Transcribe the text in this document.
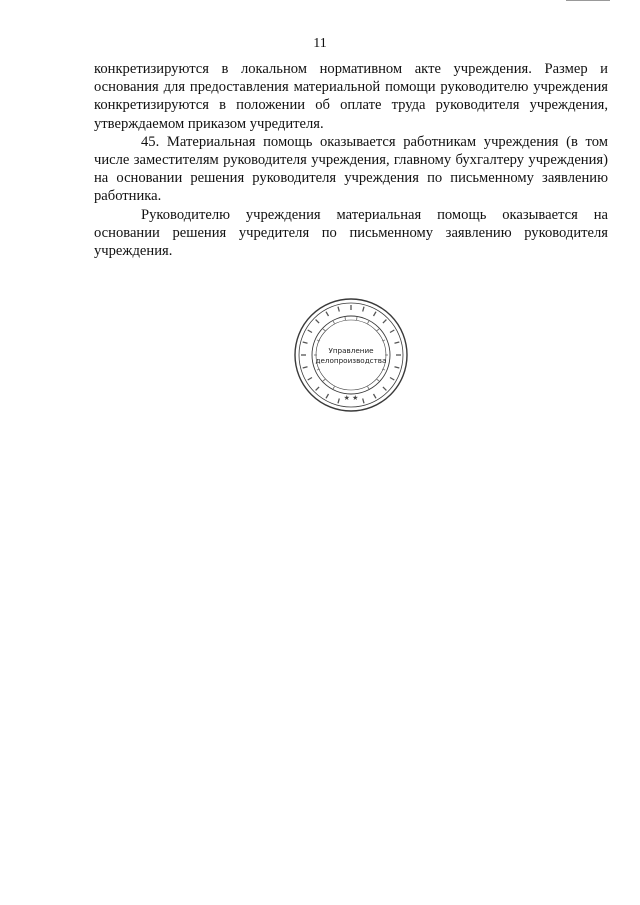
11

конкретизируются в локальном нормативном акте учреждения. Размер и основания для предоставления материальной помощи руководителю учреждения конкретизируются в положении об оплате труда руководителя учреждения, утверждаемом приказом учредителя.

45. Материальная помощь оказывается работникам учреждения (в том числе заместителям руководителя учреждения, главному бухгалтеру учреждения) на основании решения руководителя учреждения по письменному заявлению работника.

Руководителю учреждения материальная помощь оказывается на основании решения учредителя по письменному заявлению руководителя учреждения.

★ ★
Управление
делопроизводства
